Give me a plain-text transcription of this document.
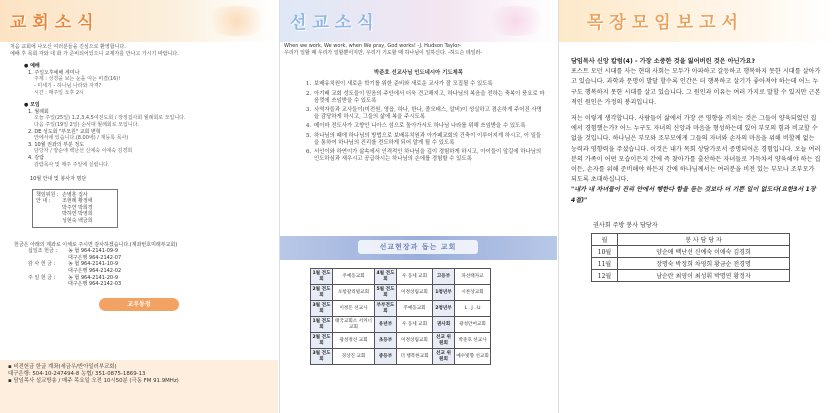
교회소식
처음 교회에 나오신 여러분들을 진심으로 환영합니다.
예배 후 목회 자와 대 화 가 준비되어있으니 교제자를 만나고 가시기 바랍니다.
● 예배
1. 주일오후예배 세미나
주제 : 성경을 보는 눈을 여는 비결(16)!
- 미세기 - 하나님 나라와 자격?
시간 : 매주일 오후 2시
● 모임
1. 월례회
오늘 주일(25일) 1,2,3,4,5여전도회 / 장정집사회 월례회로 모입니다.
다음 주일(19일 2일) 순서대 월례회로 모입니다.
2. DE 성도회 "부모원" 교회 변혁
안에서에 있습니다.(8.00에) / 재등록 목사)
3. 10월 권좌의 부분 정도
담당자 / 양순애 백난선 신예숙 이애숙 김경희
4. 감람
감람목사 및 매주 주일에 실립니다.
10월 안내 및 봉사자 명단
책임위원 : 손병훈 집사
안 내 :	조현례 황정애
박주연 박희경
박하연 박영희
성현숙 백금희
헌금은 아래의 계좌로 이체로 주시면 감사하겠습니다.(계좌번호미래부교회)
십일조 헌금 :	농 협 964-2141-09-9
대구은행 964-2142-07
감 사 헌 금 :	농 협 964-2141-10-9
대구은행 964-2142-02
주 일 헌 금 :	농 협 964-2141-20-9
대구은행 964-2142-03
교우동정
▪ 비전헌금 한글 계좌(세금우/반아일러부교회)
대구은행: 504-10-247494-8 농협/ 351-0875-1869-13
▪ 담임목사 설교방송 / 매주 목요일 오전 10시50분 (극동 FM 91.9MHz)
선교소식
When we work, We work, when We pray, God works! -J. Hudson Taylor-
우리가 일할 때 우리가 일할뿐이지만, 우리가 기도할 때 하나님이 일하신다. -허드슨 테일러-
박준호 선교사님 인도네시아 기도제목
1. 보배유치원이 새로운 학기를 위한 준비와 새로운 교사가 잘 모집될 수 있도록
2. 아기배 교회 성도들이 믿음의 주안에서 더욱 견고해지고, 하나님의 복음을 전하는 축복이 풍요로 마음껏에 쓰임받을 수 있도록
3. 사역자들과 교사들이(미전원, 영읍, 하나, 한나, 졸모태스, 알비)이 성실하고 겸손하게 주어진 사명을 감당하게 하시고, 그들의 삶에 복을 주시도록
4. 메이마 전도사가 고향인 니아스 섬으로 돌아가서도 하나님 나라를 위해 쓰임받을 수 있도록
5. 하나님의 때에 하나님의 방법으로 보배유치원과 아가페교회의 건축이 이루어지게 하시고, 이 일들을 통하여 하나님의 진리를 전도하게 되어 알게 될 수 있도록
6. 서인이와 하연이가 삶속에서 인격적인 하나님을 깊이 경험하게 하시고, 아이들이 앞길에 하나님의 인도하심과 새우시고 공급하시는 하나님의 손에를 경험할 수 있도록
선교현장과 돕는 교회
1월 전도회	주예동교회	4월 전도회	우 동세 교회	고등부	파선태자교
2월 전도회	포항갈리빌교회	5월 전도회	이정상림교회	1청년부	시론상교회
3월 전도회	이정돈 선교사	부부전도회	주예동교회	2청년부	L . J . U
1월 전도회	태국교회소 서커너 교회	유년부	우 동세 교회	권사회	광성안여교회
2월 전도회	광성정선 교회	초등부	이정상림교회	선교 위원회	박준호 선교사
3월 전도회	경상진 교회	중등부	더 행복한교회	선교 위원회	예수빛향 선교회
목장모임보고서

담임목사 신앙 칼럼(4) - 가장 소중한 것을 잃어버린 것은 아닌가요?

포스트 모던 시대를 사는 현대 사회는 모두가 아파하고 갈등하고 행복하지 못한 시대를 살아가고 있습니다. 과학과 문명이 발달 할수록 인간은 더 행복하고 살기가 좋아져야 하는데 어느 누구도 행복하지 못한 시대를 살고 있습니다. 그 원인과 이유는 여러 가지로 말할 수 있지만 근본적인 원인은 가정의 붕괴입니다.

저는 이렇게 생각합니다. 사람들이 삶에서 가장 큰 영향을 끼치는 것은 그들이 양육되었던 집에서 경험했는가? 어느 누구도 자녀의 신앙과 마음을 형성하는데 있어 부모의 힘과 비교할 수 없을 것입니다. 하나님은 부모와 조부모에게 그들의 자녀와 손자의 마음을 위해 비할께 없는 능력과 영향력을 주셨습니다. 이것은 내가 목회 상담가로서 증명되어온 경험입니다. 오늘 여러분의 가족이 어떤 모습이든지 간에 즉 찾아가를 출산하든 자녀들로 가득차서 양육해야 하는 집이든, 손자를 위해 준비해야 하든지 간에 하나님께서는 여러분을 비전 있는 부모나 조부모가 되도록 초대하십니다.

"내가 내 자녀들이 진리 안에서 행한다 함을 듣는 것보다 더 기쁜 일이 없도다(요한3서 1장 4절)"

권사회 주방 봉사 담당자
월	봉 사 담 당 자
10월	양순애 백난선 신예숙 이애숙 김경희
11월	장명숙 박정희 차영희 황금순 전경명
12월	남순란 최영이 최성휘 박명연 황정자
